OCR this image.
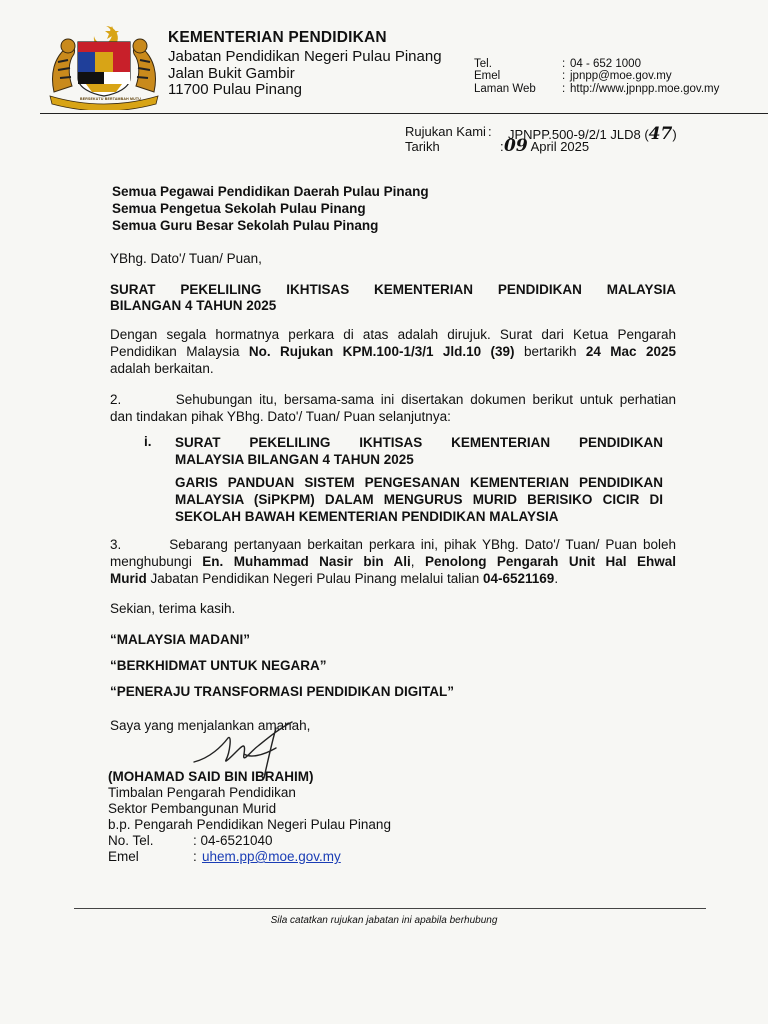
BERSEKUTU BERTAMBAH MUTU
KEMENTERIAN PENDIDIKAN
Jabatan Pendidikan Negeri Pulau Pinang
Jalan Bukit Gambir
11700 Pulau Pinang
Tel.	: 04 - 652 1000
Emel	: jpnpp@moe.gov.my
Laman Web : http://www.jpnpp.moe.gov.my
Rujukan Kami : JPNPP.500-9/2/1 JLD8 (47)
Tarikh	: 09 April 2025
Semua Pegawai Pendidikan Daerah Pulau Pinang
Semua Pengetua Sekolah Pulau Pinang
Semua Guru Besar Sekolah Pulau Pinang
YBhg. Dato'/ Tuan/ Puan,
SURAT PEKELILING IKHTISAS KEMENTERIAN PENDIDIKAN MALAYSIA
BILANGAN 4 TAHUN 2025
Dengan segala hormatnya perkara di atas adalah dirujuk. Surat dari Ketua Pengarah
Pendidikan Malaysia No. Rujukan KPM.100-1/3/1 Jld.10 (39) bertarikh 24 Mac 2025
adalah berkaitan.
2.        Sehubungan itu, bersama-sama ini disertakan dokumen berikut untuk perhatian
dan tindakan pihak YBhg. Dato'/ Tuan/ Puan selanjutnya:
i. SURAT PEKELILING IKHTISAS KEMENTERIAN PENDIDIKAN
MALAYSIA BILANGAN 4 TAHUN 2025
GARIS PANDUAN SISTEM PENGESANAN KEMENTERIAN PENDIDIKAN
MALAYSIA (SiPKPM) DALAM MENGURUS MURID BERISIKO CICIR DI
SEKOLAH BAWAH KEMENTERIAN PENDIDIKAN MALAYSIA
3.        Sebarang pertanyaan berkaitan perkara ini, pihak YBhg. Dato'/ Tuan/ Puan boleh
menghubungi En. Muhammad Nasir bin Ali, Penolong Pengarah Unit Hal Ehwal
Murid Jabatan Pendidikan Negeri Pulau Pinang melalui talian 04-6521169.
Sekian, terima kasih.
“MALAYSIA MADANI”
“BERKHIDMAT UNTUK NEGARA”
“PENERAJU TRANSFORMASI PENDIDIKAN DIGITAL”
Saya yang menjalankan amanah,
(MOHAMAD SAID BIN IBRAHIM)
Timbalan Pengarah Pendidikan
Sektor Pembangunan Murid
b.p. Pengarah Pendidikan Negeri Pulau Pinang
No. Tel.	: 04-6521040
Emel	: uhem.pp@moe.gov.my
Sila catatkan rujukan jabatan ini apabila berhubung
